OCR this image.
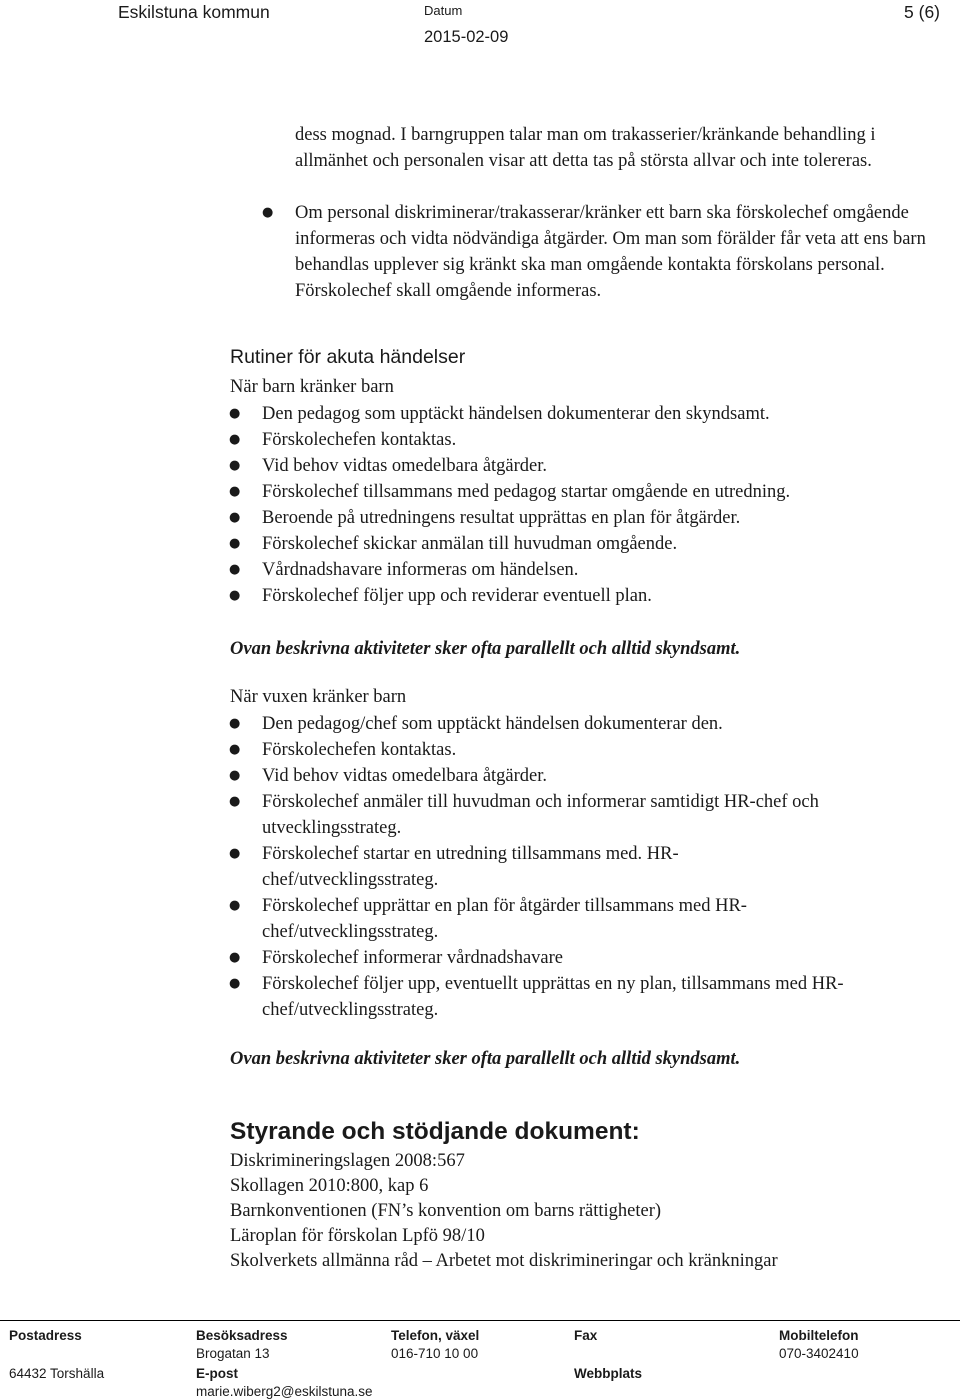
Eskilstuna kommun	Datum
2015-02-09
5 (6)

dess mognad. I barngruppen talar man om trakasserier/kränkande behandling i allmänhet och personalen visar att detta tas på största allvar och inte tolereras.

● Om personal diskriminerar/trakasserar/kränker ett barn ska förskolechef omgående informeras och vidta nödvändiga åtgärder. Om man som förälder får veta att ens barn behandlas upplever sig kränkt ska man omgående kontakta förskolans personal. Förskolechef skall omgående informeras.
Rutiner för akuta händelser
När barn kränker barn
● Den pedagog som upptäckt händelsen dokumenterar den skyndsamt.
● Förskolechefen kontaktas.
● Vid behov vidtas omedelbara åtgärder.
● Förskolechef tillsammans med pedagog startar omgående en utredning.
● Beroende på utredningens resultat upprättas en plan för åtgärder.
● Förskolechef skickar anmälan till huvudman omgående.
● Vårdnadshavare informeras om händelsen.
● Förskolechef följer upp och reviderar eventuell plan.
Ovan beskrivna aktiviteter sker ofta parallellt och alltid skyndsamt.
När vuxen kränker barn
● Den pedagog/chef som upptäckt händelsen dokumenterar den.
● Förskolechefen kontaktas.
● Vid behov vidtas omedelbara åtgärder.
● Förskolechef anmäler till huvudman och informerar samtidigt HR-chef och utvecklingsstrateg.
● Förskolechef startar en utredning tillsammans med. HR-chef/utvecklingsstrateg.
● Förskolechef upprättar en plan för åtgärder tillsammans med HR-chef/utvecklingsstrateg.
● Förskolechef informerar vårdnadshavare
● Förskolechef följer upp, eventuellt upprättas en ny plan, tillsammans med HR-chef/utvecklingsstrateg.
Ovan beskrivna aktiviteter sker ofta parallellt och alltid skyndsamt.
Styrande och stödjande dokument:
Diskrimineringslagen 2008:567
Skollagen 2010:800, kap 6
Barnkonventionen (FN’s konvention om barns rättigheter)
Läroplan för förskolan Lpfö 98/10
Skolverkets allmänna råd – Arbetet mot diskrimineringar och kränkningar
Postadress
64432 Torshälla
Besöksadress
Brogatan 13
E-post
marie.wiberg2@eskilstuna.se
Telefon, växel
016-710 10 00
Fax
Webbplats
Mobiltelefon
070-3402410
